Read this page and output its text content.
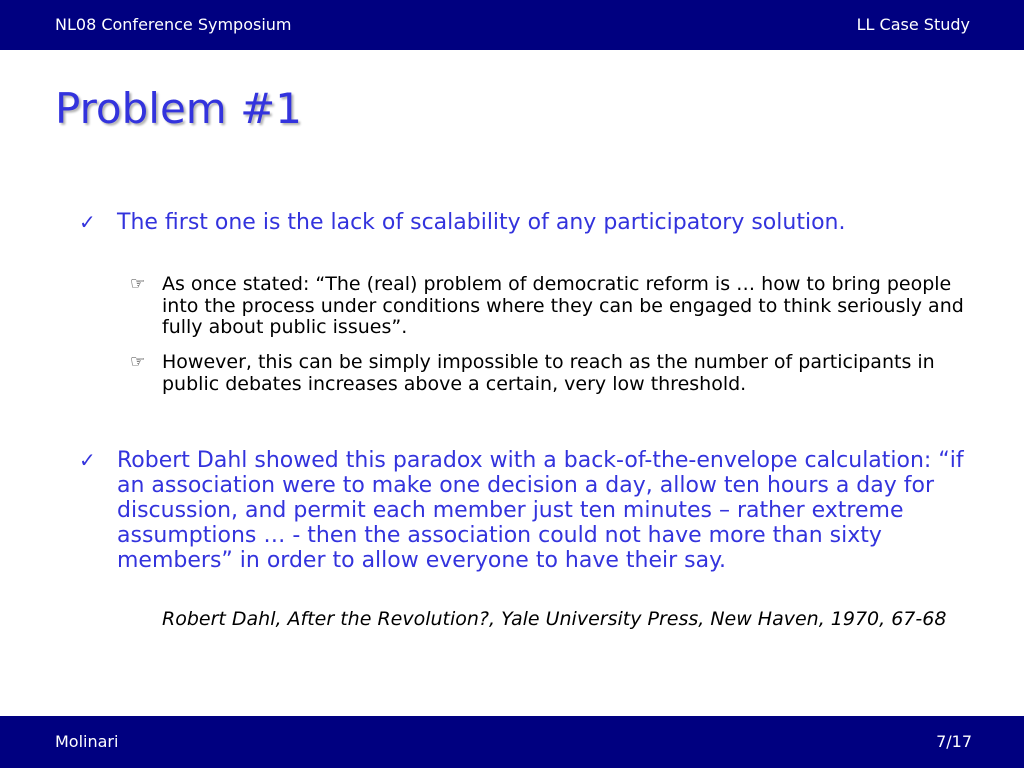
NL08 Conference Symposium	LL Case Study
Problem #1
✓ The first one is the lack of scalability of any participatory solution.
☞ As once stated: “The (real) problem of democratic reform is … how to bring people into the process under conditions where they can be engaged to think seriously and fully about public issues”.
☞ However, this can be simply impossible to reach as the number of participants in public debates increases above a certain, very low threshold.
✓ Robert Dahl showed this paradox with a back-of-the-envelope calculation: “if an association were to make one decision a day, allow ten hours a day for discussion, and permit each member just ten minutes – rather extreme assumptions … - then the association could not have more than sixty members” in order to allow everyone to have their say.
Robert Dahl, After the Revolution?, Yale University Press, New Haven, 1970, 67-68
Molinari	7/17
